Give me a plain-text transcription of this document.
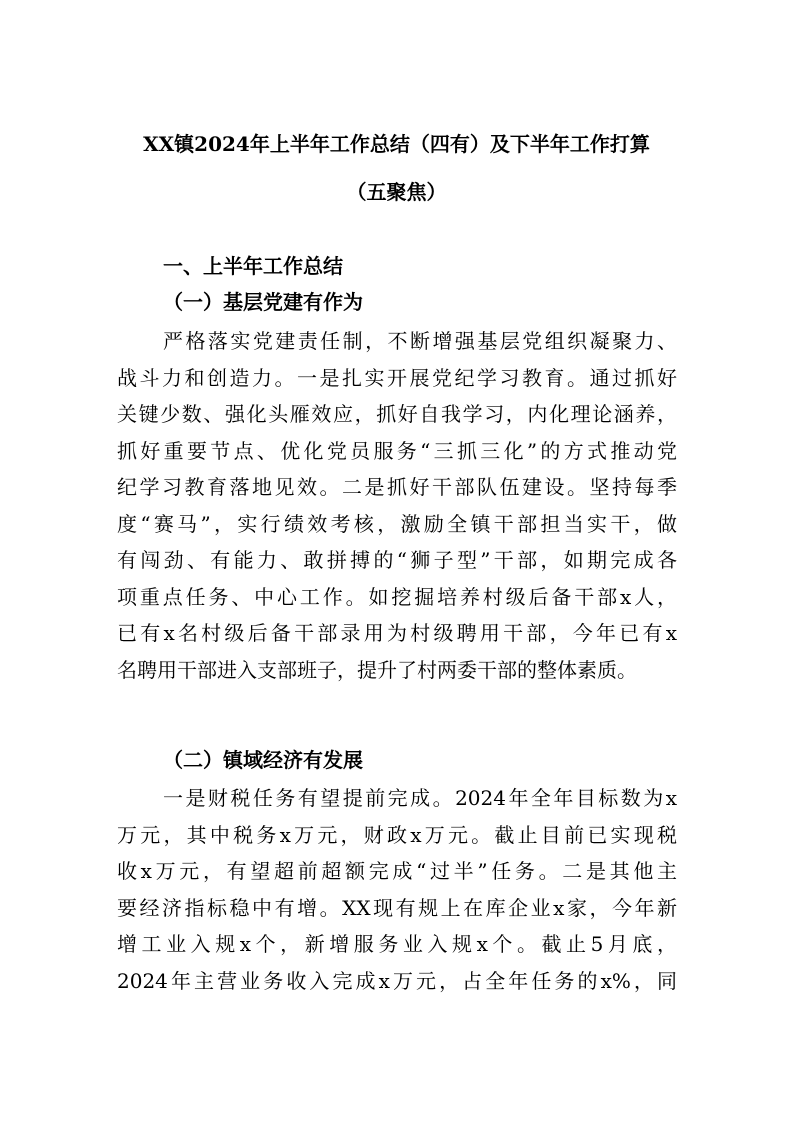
XX镇2024年上半年工作总结（四有）及下半年工作打算
（五聚焦）
一、上半年工作总结
（一）基层党建有作为

严格落实党建责任制，不断增强基层党组织凝聚力、
战斗力和创造力。一是扎实开展党纪学习教育。通过抓好
关键少数、强化头雁效应，抓好自我学习，内化理论涵养，
抓好重要节点、优化党员服务“三抓三化”的方式推动党
纪学习教育落地见效。二是抓好干部队伍建设。坚持每季
度“赛马”，实行绩效考核，激励全镇干部担当实干，做
有闯劲、有能力、敢拼搏的“狮子型”干部，如期完成各
项重点任务、中心工作。如挖掘培养村级后备干部x人，
已有x名村级后备干部录用为村级聘用干部，今年已有x
名聘用干部进入支部班子，提升了村两委干部的整体素质。

（二）镇域经济有发展

一是财税任务有望提前完成。2024年全年目标数为x
万元，其中税务x万元，财政x万元。截止目前已实现税
收x万元，有望超前超额完成“过半”任务。二是其他主
要经济指标稳中有增。XX现有规上在库企业x家，今年新
增工业入规x个，新增服务业入规x个。截止5月底，
2024年主营业务收入完成x万元，占全年任务的x%，同
